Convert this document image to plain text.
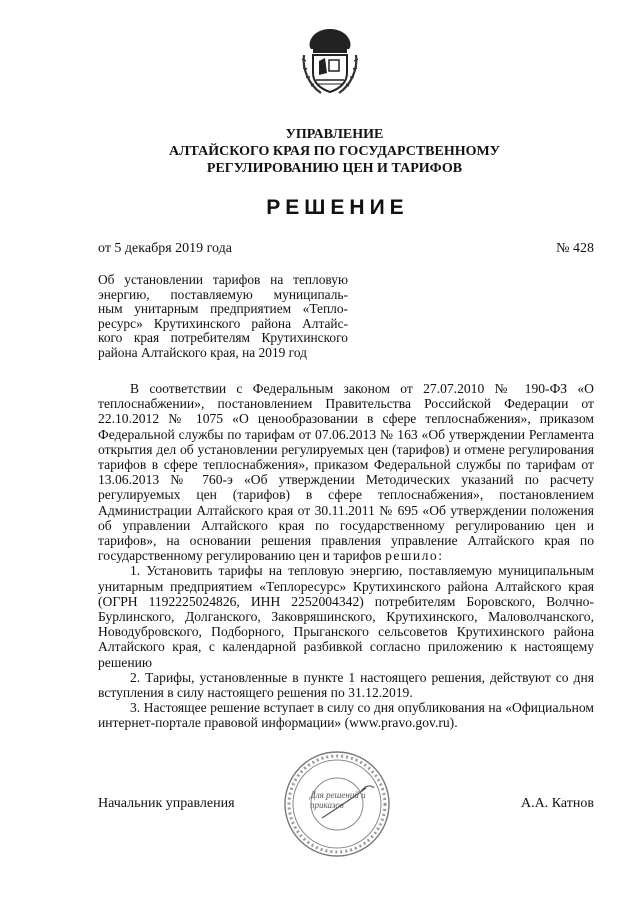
УПРАВЛЕНИЕ
АЛТАЙСКОГО КРАЯ ПО ГОСУДАРСТВЕННОМУ
РЕГУЛИРОВАНИЮ ЦЕН И ТАРИФОВ
РЕШЕНИЕ
от 5 декабря 2019 года	№ 428
Об установлении тарифов на тепловую
энергию, поставляемую муниципаль-
ным унитарным предприятием «Тепло-
ресурс» Крутихинского района Алтайс-
кого края потребителям Крутихинского
района Алтайского края, на 2019 год

В соответствии с Федеральным законом от 27.07.2010 № 190-ФЗ «О теплоснабжении», постановлением Правительства Российской Федерации от 22.10.2012 № 1075 «О ценообразовании в сфере теплоснабжения», приказом Федеральной службы по тарифам от 07.06.2013 № 163 «Об утверждении Регламента открытия дел об установлении регулируемых цен (тарифов) и отмене регулирования тарифов в сфере теплоснабжения», приказом Федеральной службы по тарифам от 13.06.2013 № 760-э «Об утверждении Методических указаний по расчету регулируемых цен (тарифов) в сфере теплоснабжения», постановлением Администрации Алтайского края от 30.11.2011 № 695 «Об утверждении положения об управлении Алтайского края по государственному регулированию цен и тарифов», на основании решения правления управление Алтайского края по государственному регулированию цен и тарифов решило:

1. Установить тарифы на тепловую энергию, поставляемую муниципальным унитарным предприятием «Теплоресурс» Крутихинского района Алтайского края (ОГРН 1192225024826, ИНН 2252004342) потребителям Боровского, Волчно-Бурлинского, Долганского, Заковряшинского, Крутихинского, Маловолчанского, Новодубровского, Подборного, Прыганского сельсоветов Крутихинского района Алтайского края, с календарной разбивкой согласно приложению к настоящему решению

2. Тарифы, установленные в пункте 1 настоящего решения, действуют со дня вступления в силу настоящего решения по 31.12.2019.

3. Настоящее решение вступает в силу со дня опубликования на «Официальном интернет-портале правовой информации» (www.pravo.gov.ru).

Начальник управления	А.А. Катнов
Для решений и приказов
